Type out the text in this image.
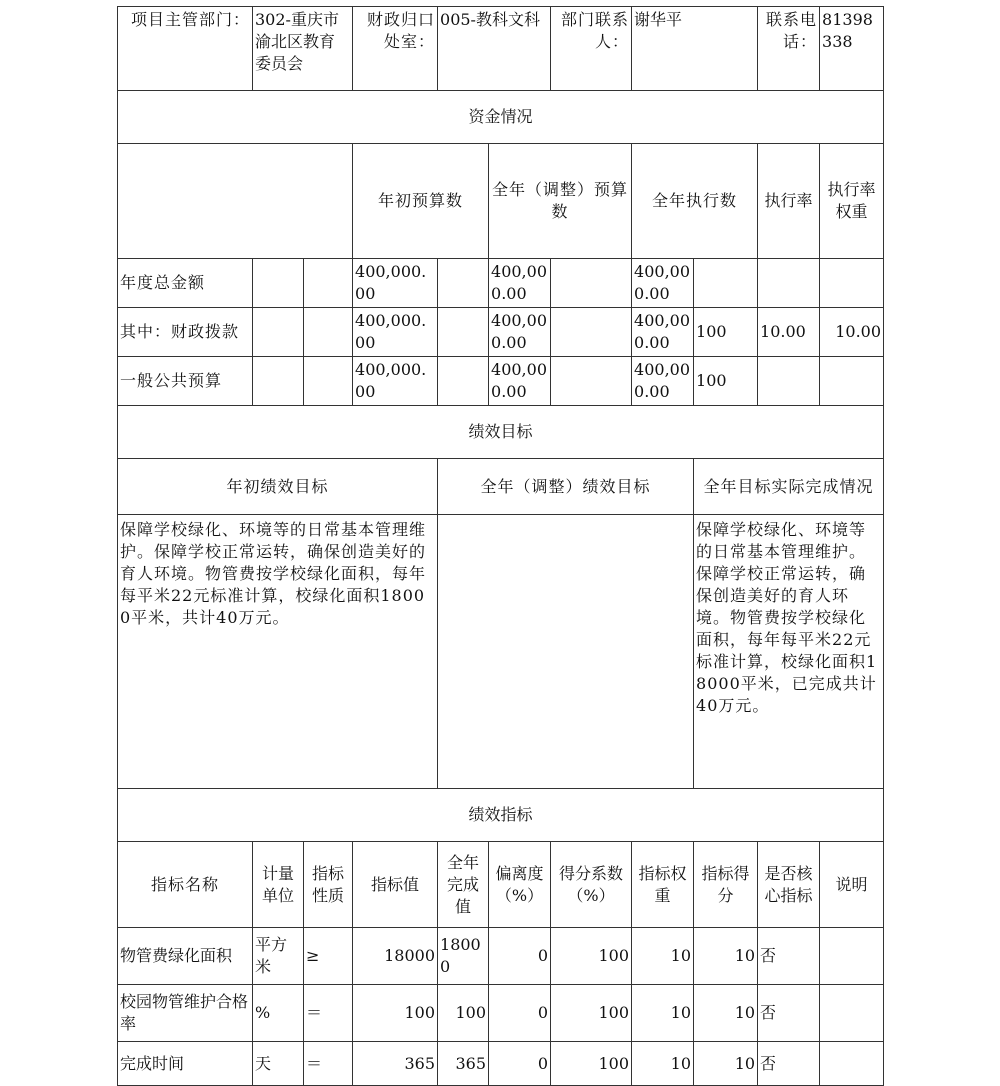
项目主管部门：	302-重庆市渝北区教育委员会		财政归口处室：	005-教科文科		部门联系人：	谢华平		联系电话：	81398338	
资金情况											
			年初预算数		全年（调整）预算数		全年执行数		执行率	执行率权重	
年度总金额			400,000.00		400,000.00		400,000.00				
其中：财政拨款			400,000.00		400,000.00		400,000.00	100	10.00	10.00	
一般公共预算			400,000.00		400,000.00		400,000.00	100			
绩效目标											
年初绩效目标				全年（调整）绩效目标				全年目标实际完成情况			
保障学校绿化、环境等的日常基本管理维护。保障学校正常运转，确保创造美好的育人环境。物管费按学校绿化面积，每年每平米22元标准计算，校绿化面积18000平米，共计40万元。								保障学校绿化、环境等的日常基本管理维护。保障学校正常运转，确保创造美好的育人环境。物管费按学校绿化面积，每年每平米22元标准计算，校绿化面积18000平米，已完成共计40万元。			
绩效指标											
指标名称	计量单位	指标性质	指标值	全年完成值	偏离度（%）	得分系数（%）	指标权重	指标得分	是否核心指标	说明	
物管费绿化面积	平方米	≥	18000	18000	0	100	10	10	否		
校园物管维护合格率	%	＝	100	100	0	100	10	10	否		
完成时间	天	＝	365	365	0	100	10	10	否		
